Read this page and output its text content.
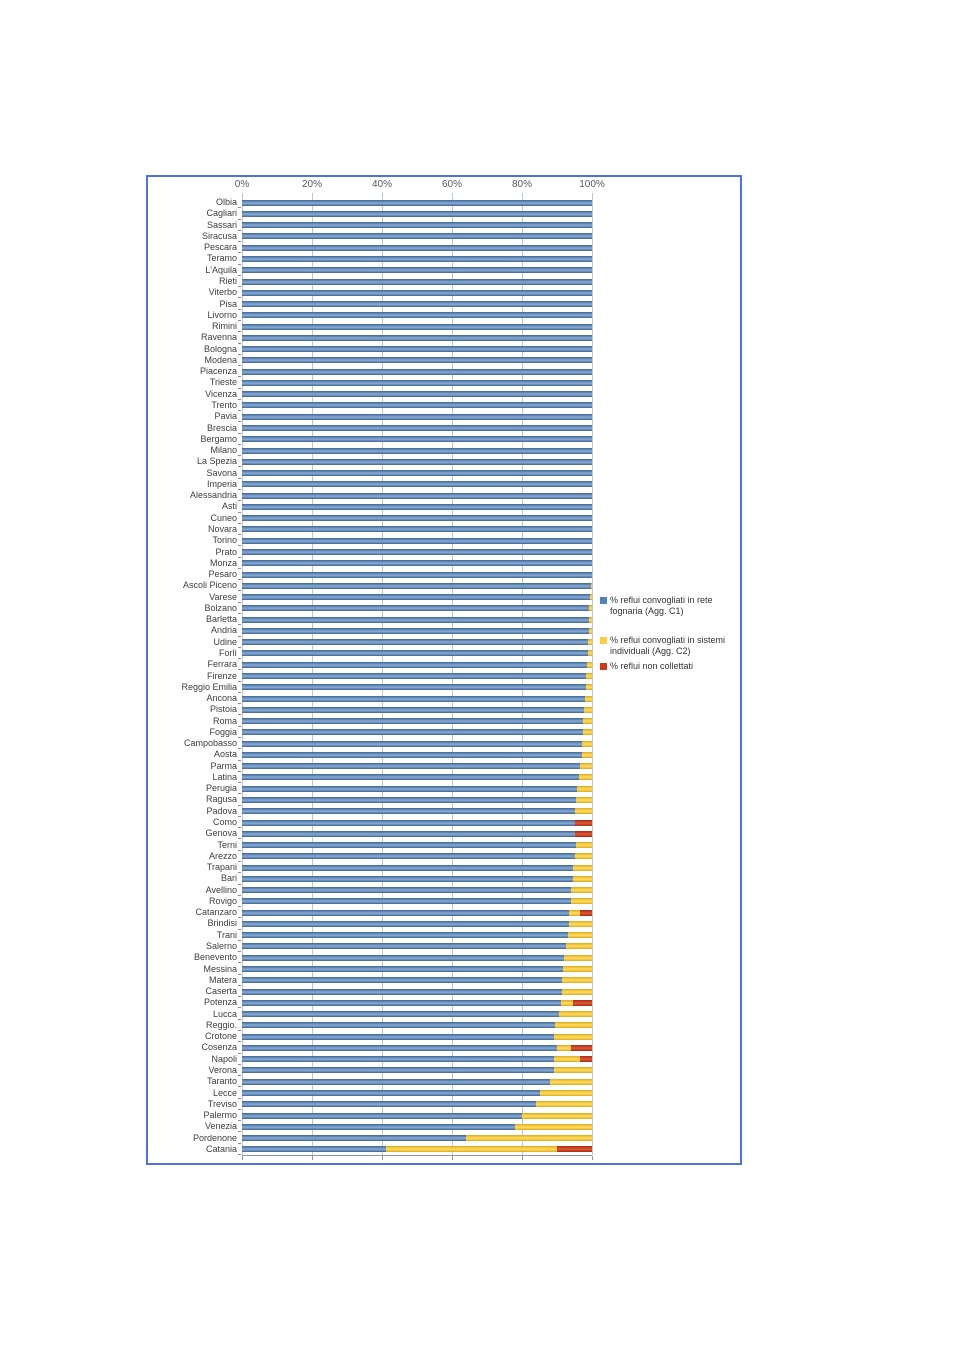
0%	20%	40%	60%	80%	100%
Olbia
Cagliari
Sassari
Siracusa
Pescara
Teramo
L'Aquila
Rieti
Viterbo
Pisa
Livorno
Rimini
Ravenna
Bologna
Modena
Piacenza
Trieste
Vicenza
Trento
Pavia
Brescia
Bergamo
Milano
La Spezia
Savona
Imperia
Alessandria
Asti
Cuneo
Novara
Torino
Prato
Monza
Pesaro
Ascoli Piceno
Varese
Bolzano
Barletta
Andria
Udine
Forlì
Ferrara
Firenze
Reggio Emilia
Ancona
Pistoia
Roma
Foggia
Campobasso
Aosta
Parma
Latina
Perugia
Ragusa
Padova
Como
Genova
Terni
Arezzo
Trapani
Bari
Avellino
Rovigo
Catanzaro
Brindisi
Trani
Salerno
Benevento
Messina
Matera
Caserta
Potenza
Lucca
Reggio.
Crotone
Cosenza
Napoli
Verona
Taranto
Lecce
Treviso
Palermo
Venezia
Pordenone
Catania
% reflui convogliati in rete fognaria (Agg. C1)
% reflui convogliati in sistemi individuali (Agg. C2)
% reflui non collettati
